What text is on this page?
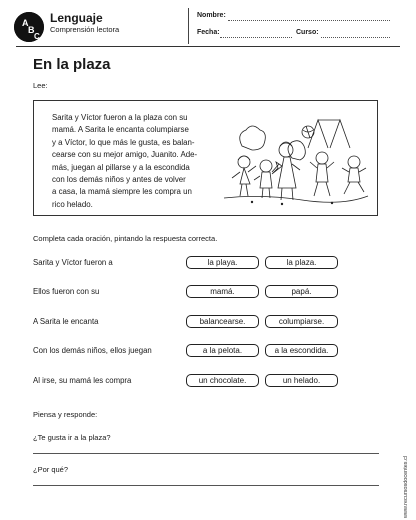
A
B
C
Lenguaje
Comprensión lectora
Nombre:
Fecha:	Curso:
En la plaza
Lee:
Sarita y Víctor fueron a la plaza con su
mamá. A Sarita le encanta columpiarse
y a Víctor, lo que más le gusta, es balan-
cearse con su mejor amigo, Juanito. Ade-
más, juegan al pillarse y a la escondida
con los demás niños y antes de volver
a casa, la mamá siempre les compra un
rico helado.
Completa cada oración, pintando la respuesta correcta.
Sarita y Víctor fueron a	la playa.	la plaza.
Ellos fueron con su	mamá.	papá.
A Sarita le encanta	balancearse.	columpiarse.
Con los demás niños, ellos juegan	a la pelota.	a la escondida.
Al irse, su mamá les compra	un chocolate.	un helado.
Piensa y responde:
¿Te gusta ir a la plaza?
¿Por qué?	www.recursosdocentes.cl
